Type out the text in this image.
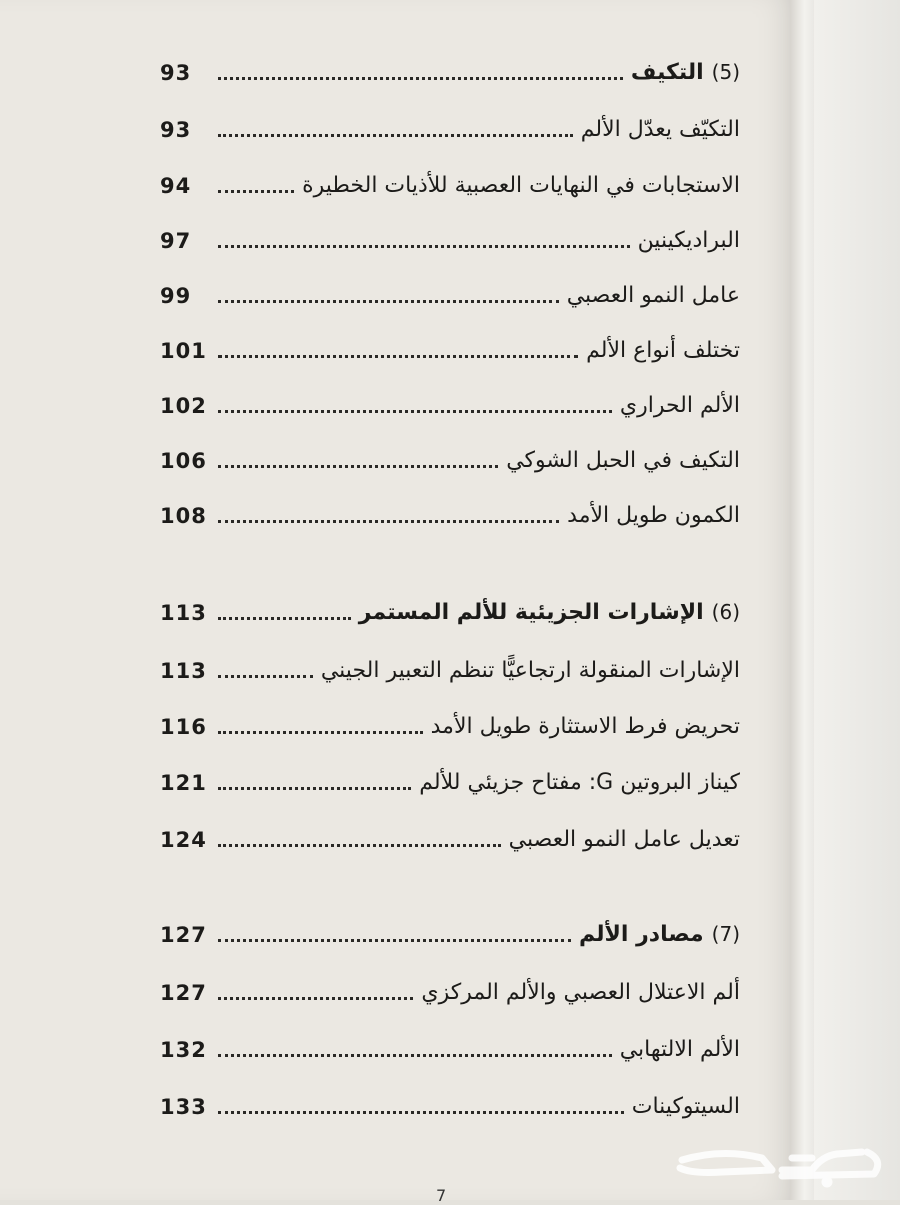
(5)التكيف
93
التكيّف يعدّل الألم
93
الاستجابات في النهايات العصبية للأذيات الخطيرة
94
البراديكينين
97
عامل النمو العصبي
99
تختلف أنواع الألم
101
الألم الحراري
102
التكيف في الحبل الشوكي
106
الكمون طويل الأمد
108
(6)الإشارات الجزيئية للألم المستمر
113
الإشارات المنقولة ارتجاعيًّا تنظم التعبير الجيني
113
تحريض فرط الاستثارة طويل الأمد
116
كيناز البروتين G: مفتاح جزيئي للألم
121
تعديل عامل النمو العصبي
124
(7)مصادر الألم
127
ألم الاعتلال العصبي والألم المركزي
127
الألم الالتهابي
132
السيتوكينات
133
7
